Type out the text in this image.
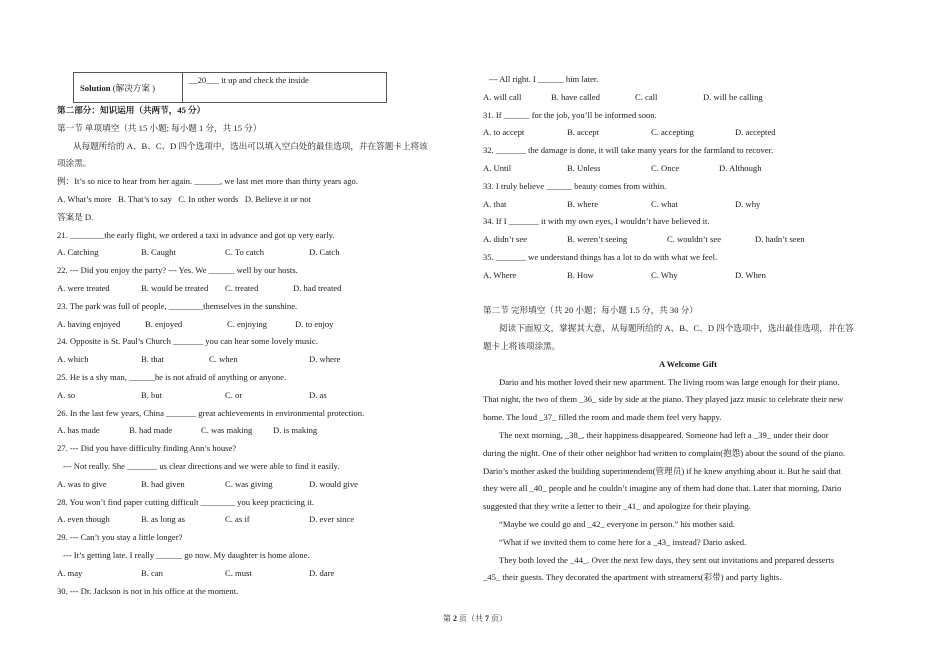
Solution (解决方案 )	__20___ it up and check the inside
第二部分：知识运用（共两节，45 分）
第一节 单项填空（共 15 小题; 每小题 1 分，共 15 分）
从每题所给的 A、B、C、D 四个选项中，选出可以填入空白处的最佳选项，并在答题卡上将该
项涂黑。
例：It’s so nice to hear from her again. ______, we last met more than thirty years ago.
A. What’s more B. That’s to say C. In other words D. Believe it or not
答案是 D.
21. ________the early flight, we ordered a taxi in advance and got up very early.
A. Catching	B. Caught	C. To catch	D. Catch
22. --- Did you enjoy the party? --- Yes. We ______ well by our hosts.
A. were treated	B. would be treated	C. treated	D. had treated
23. The park was full of people, ________themselves in the sunshine.
A. having enjoyed	B. enjoyed	C. enjoying	D. to enjoy
24. Opposite is St. Paul’s Church _______ you can hear some lovely music.
A. which	B. that	C. when	D. where
25. He is a shy man, ______he is not afraid of anything or anyone.
A. so	B. but	C. or	D. as
26. In the last few years, China _______ great achievements in environmental protection.
A. has made	B. had made	C. was making	D. is making
27. --- Did you have difficulty finding Ann’s house?
--- Not really. She _______ us clear directions and we were able to find it easily.
A. was to give	B. had given	C. was giving	D. would give
28. You won’t find paper cutting difficult ________ you keep practicing it.
A. even though	B. as long as	C. as if	D. ever since
29. --- Can’t you stay a little longer?
--- It’s getting late. I really ______ go now. My daughter is home alone.
A. may	B. can	C. must	D. dare
30. --- Dr. Jackson is not in his office at the moment.
--- All right. I ______ him later.
A. will call	B. have called	C. call	D. will be calling
31. If ______ for the job, you’ll be informed soon.
A. to accept	B. accept	C. accepting	D. accepted
32. _______ the damage is done, it will take many years for the farmland to recover.
A. Until	B. Unless	C. Once	D. Although
33. I truly believe ______ beauty comes from within.
A. that	B. where	C. what	D. why
34. If I _______ it with my own eyes, I wouldn’t have believed it.
A. didn’t see	B. weren’t seeing	C. wouldn’t see	D. hadn’t seen
35. _______ we understand things has a lot to do with what we feel.
A. Where	B. How	C. Why	D. When
第二节 完形填空（共 20 小题；每小题 1.5 分，共 30 分）
阅读下面短文，掌握其大意，从每题所给的 A、B、C、D 四个选项中，选出最佳选项，并在答
题卡上将该项涂黑。
A Welcome Gift
Dario and his mother loved their new apartment. The living room was large enough for their piano.
That night, the two of them _36_ side by side at the piano. They played jazz music to celebrate their new
home. The loud _37_ filled the room and made them feel very happy.
The next morning, _38_, their happiness disappeared. Someone had left a _39_ under their door
during the night. One of their other neighbor had written to complain(抱怨) about the sound of the piano.
Dario’s mother asked the building superintendent(管理员) if he knew anything about it. But he said that
they were all _40_ people and he couldn’t imagine any of them had done that. Later that morning, Dario
suggested that they write a letter to their _41_ and apologize for their playing.
“Maybe we could go and _42_ everyone in person.” his mother said.
“What if we invited them to come here for a _43_ instead? Dario asked.
They both loved the _44_. Over the next few days, they sent out invitations and prepared desserts
_45_ their guests. They decorated the apartment with streamers(彩带) and party lights.
第 2 页（共 7 页）
